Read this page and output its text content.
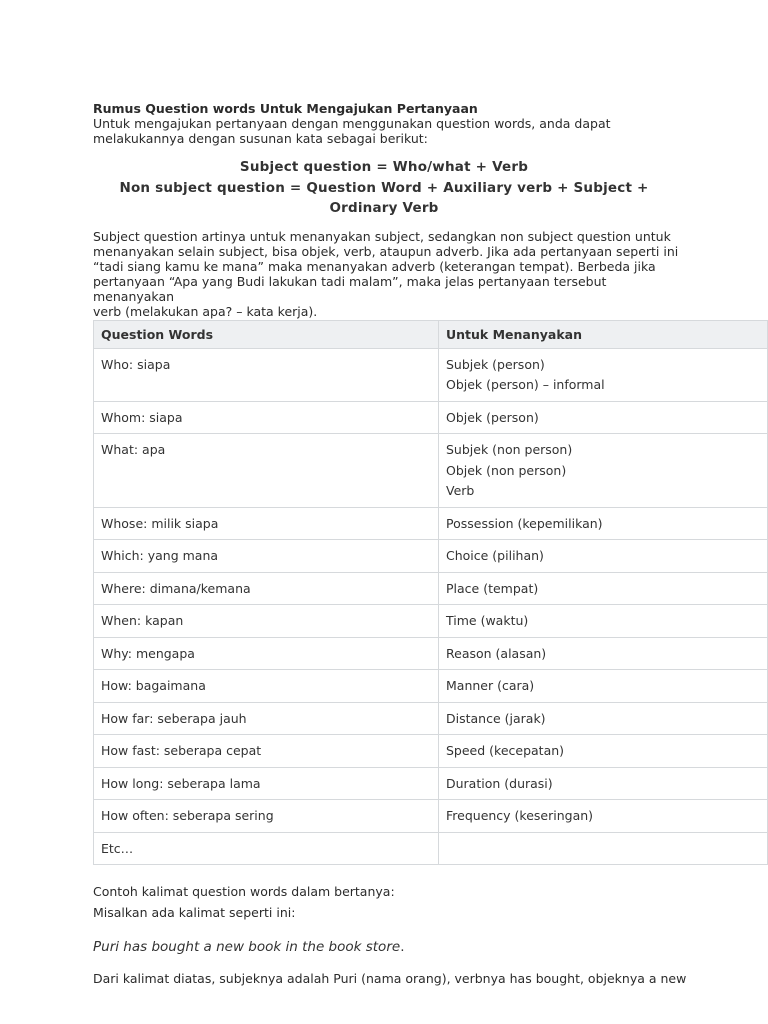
Rumus Question words Untuk Mengajukan Pertanyaan
Untuk mengajukan pertanyaan dengan menggunakan question words, anda dapat
melakukannya dengan susunan kata sebagai berikut:
Subject question = Who/what + Verb
Non subject question = Question Word + Auxiliary verb + Subject +
Ordinary Verb
Subject question artinya untuk menanyakan subject, sedangkan non subject question untuk
menanyakan selain subject, bisa objek, verb, ataupun adverb. Jika ada pertanyaan seperti ini
“tadi siang kamu ke mana” maka menanyakan adverb (keterangan tempat). Berbeda jika
pertanyaan “Apa yang Budi lakukan tadi malam”, maka jelas pertanyaan tersebut menanyakan
verb (melakukan apa? – kata kerja).
Question Words	Untuk Menanyakan
Who: siapa	Subjek (person)
Objek (person) – informal

Whom: siapa	Objek (person)

What: apa	Subjek (non person)
Objek (non person)
Verb

Whose: milik siapa	Possession (kepemilikan)

Which: yang mana	Choice (pilihan)

Where: dimana/kemana	Place (tempat)

When: kapan	Time (waktu)

Why: mengapa	Reason (alasan)

How: bagaimana	Manner (cara)

How far: seberapa jauh	Distance (jarak)

How fast: seberapa cepat	Speed (kecepatan)

How long: seberapa lama	Duration (durasi)

How often: seberapa sering	Frequency (keseringan)

Etc…	
Contoh kalimat question words dalam bertanya:
Misalkan ada kalimat seperti ini:
Puri has bought a new book in the book store.
Dari kalimat diatas, subjeknya adalah Puri (nama orang), verbnya has bought, objeknya a new
